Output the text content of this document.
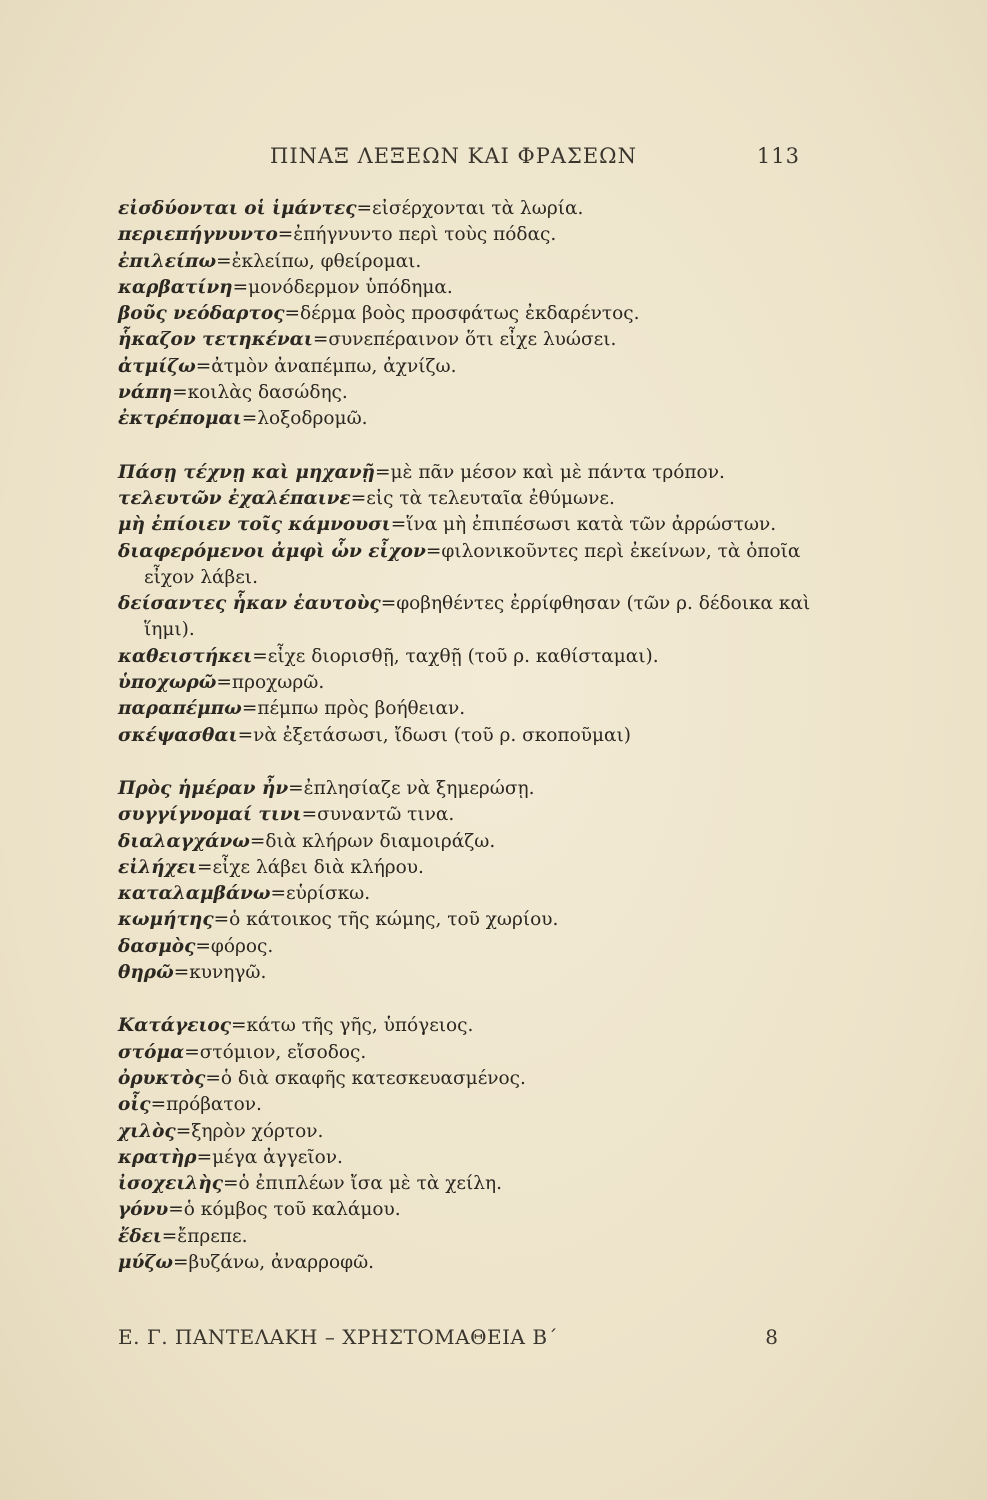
ΠΙΝΑΞ ΛΕΞΕΩΝ ΚΑΙ ΦΡΑΣΕΩΝ	113
εἰσδύονται οἱ ἱμάντες=εἰσέρχονται τὰ λωρία.
περιεπήγνυντο=ἐπήγνυντο περὶ τοὺς πόδας.
ἐπιλείπω=ἐκλείπω, φθείρομαι.
καρβατίνη=μονόδερμον ὑπόδημα.
βοῦς νεόδαρτος=δέρμα βοὸς προσφάτως ἐκδαρέντος.
ἧκαζον τετηκέναι=συνεπέραινον ὅτι εἶχε λυώσει.
ἀτμίζω=ἀτμὸν ἀναπέμπω, ἀχνίζω.
νάπη=κοιλὰς δασώδης.
ἐκτρέπομαι=λοξοδρομῶ.
Πάσῃ τέχνῃ καὶ μηχανῇ=μὲ πᾶν μέσον καὶ μὲ πάντα τρόπον.
τελευτῶν ἐχαλέπαινε=εἰς τὰ τελευταῖα ἐθύμωνε.
μὴ ἐπίοιεν τοῖς κάμνουσι=ἵνα μὴ ἐπιπέσωσι κατὰ τῶν ἀρρώστων.
διαφερόμενοι ἀμφὶ ὧν εἶχον=φιλονικοῦντες περὶ ἐκείνων, τὰ ὁποῖα
εἶχον λάβει.
δείσαντες ἧκαν ἑαυτοὺς=φοβηθέντες ἐρρίφθησαν (τῶν ρ. δέδοικα καὶ
ἵημι).
καθειστήκει=εἶχε διορισθῇ, ταχθῇ (τοῦ ρ. καθίσταμαι).
ὑποχωρῶ=προχωρῶ.
παραπέμπω=πέμπω πρὸς βοήθειαν.
σκέψασθαι=νὰ ἐξετάσωσι, ἴδωσι (τοῦ ρ. σκοποῦμαι)
Πρὸς ἡμέραν ἦν=ἐπλησίαζε νὰ ξημερώσῃ.
συγγίγνομαί τινι=συναντῶ τινα.
διαλαγχάνω=διὰ κλήρων διαμοιράζω.
εἰλήχει=εἶχε λάβει διὰ κλήρου.
καταλαμβάνω=εὑρίσκω.
κωμήτης=ὁ κάτοικος τῆς κώμης, τοῦ χωρίου.
δασμὸς=φόρος.
θηρῶ=κυνηγῶ.
Κατάγειος=κάτω τῆς γῆς, ὑπόγειος.
στόμα=στόμιον, εἴσοδος.
ὀρυκτὸς=ὁ διὰ σκαφῆς κατεσκευασμένος.
οἶς=πρόβατον.
χιλὸς=ξηρὸν χόρτον.
κρατὴρ=μέγα ἀγγεῖον.
ἰσοχειλὴς=ὁ ἐπιπλέων ἴσα μὲ τὰ χείλη.
γόνυ=ὁ κόμβος τοῦ καλάμου.
ἔδει=ἔπρεπε.
μύζω=βυζάνω, ἀναρροφῶ.
Ε. Γ. ΠΑΝΤΕΛΑΚΗ – ΧΡΗΣΤΟΜΑΘΕΙΑ Β΄	8
